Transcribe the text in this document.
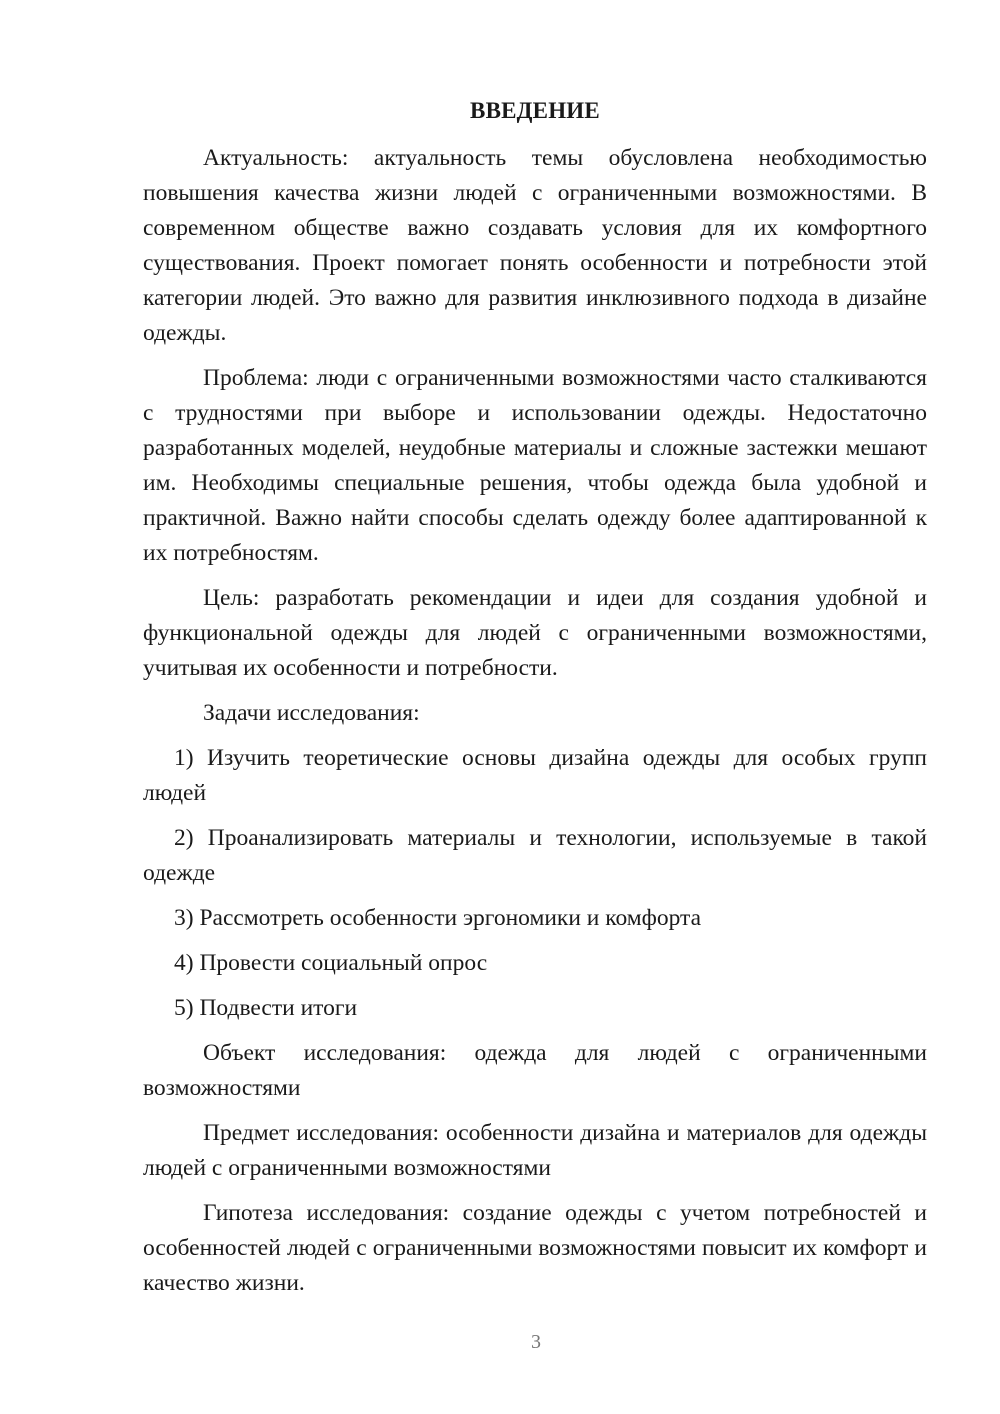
ВВЕДЕНИЕ

Актуальность: актуальность темы обусловлена необходимостью повышения качества жизни людей с ограниченными возможностями. В современном обществе важно создавать условия для их комфортного существования. Проект помогает понять особенности и потребности этой категории людей. Это важно для развития инклюзивного подхода в дизайне одежды.

Проблема: люди с ограниченными возможностями часто сталкиваются с трудностями при выборе и использовании одежды. Недостаточно разработанных моделей, неудобные материалы и сложные застежки мешают им. Необходимы специальные решения, чтобы одежда была удобной и практичной. Важно найти способы сделать одежду более адаптированной к их потребностям.

Цель: разработать рекомендации и идеи для создания удобной и функциональной одежды для людей с ограниченными возможностями, учитывая их особенности и потребности.

Задачи исследования:

1) Изучить теоретические основы дизайна одежды для особых групп людей

2) Проанализировать материалы и технологии, используемые в такой одежде

3) Рассмотреть особенности эргономики и комфорта

4) Провести социальный опрос

5) Подвести итоги

Объект исследования: одежда для людей с ограниченными возможностями

Предмет исследования: особенности дизайна и материалов для одежды людей с ограниченными возможностями

Гипотеза исследования: создание одежды с учетом потребностей и особенностей людей с ограниченными возможностями повысит их комфорт и качество жизни.

3
